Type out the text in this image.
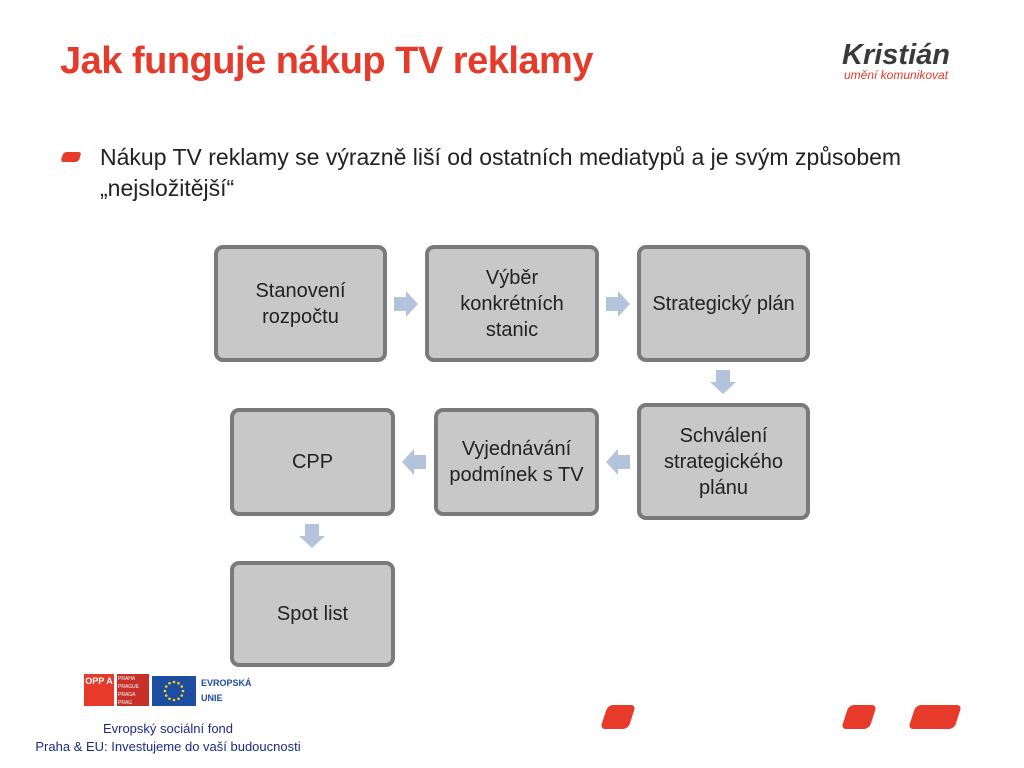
Jak funguje nákup TV reklamy	Kristián
umění komunikovat
Nákup TV reklamy se výrazně liší od ostatních mediatypů a je svým způsobem „nejsložitější“
Stanovení rozpočtu
Výběr konkrétních stanic
Strategický plán
Schválení strategického plánu
Vyjednávání podmínek s TV
CPP
Spot list
OPP A PRAHA PRAGUE PRAGA PRAG
EVROPSKÁ UNIE
Evropský sociální fond
Praha & EU: Investujeme do vaší budoucnosti
